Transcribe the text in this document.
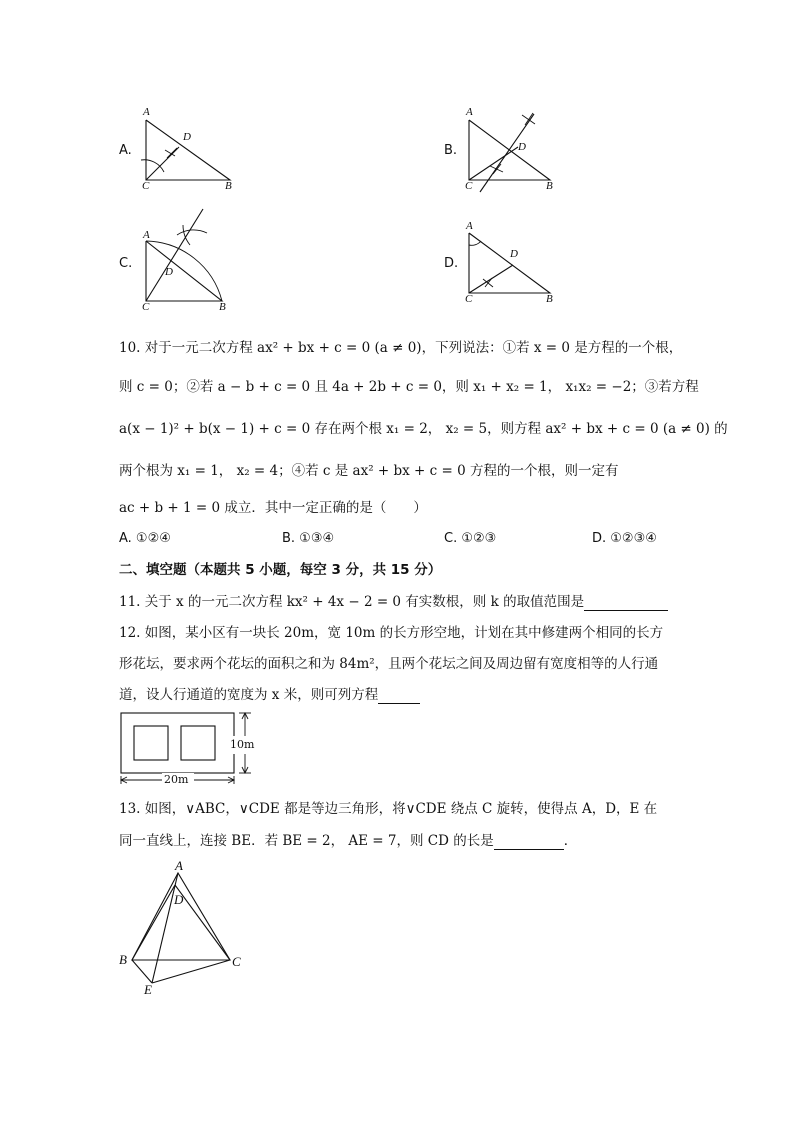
A.
A
D
C	B
B.
A
D
C	B
C.
A
D
C	B
D.
A
D
C	B
10. 对于一元二次方程 ax² + bx + c = 0 (a ≠ 0)，下列说法：①若 x = 0 是方程的一个根，
则 c = 0；②若 a − b + c = 0 且 4a + 2b + c = 0，则 x₁ + x₂ = 1， x₁x₂ = −2；③若方程
a(x − 1)² + b(x − 1) + c = 0 存在两个根 x₁ = 2， x₂ = 5，则方程 ax² + bx + c = 0 (a ≠ 0) 的
两个根为 x₁ = 1， x₂ = 4；④若 c 是 ax² + bx + c = 0 方程的一个根，则一定有
ac + b + 1 = 0 成立．其中一定正确的是（　　）
A. ①②④	B. ①③④	C. ①②③	D. ①②③④
二、填空题（本题共 5 小题，每空 3 分，共 15 分）
11. 关于 x 的一元二次方程 kx² + 4x − 2 = 0 有实数根，则 k 的取值范围是
12. 如图，某小区有一块长 20m，宽 10m 的长方形空地，计划在其中修建两个相同的长方
形花坛，要求两个花坛的面积之和为 84m²，且两个花坛之间及周边留有宽度相等的人行通
道，设人行通道的宽度为 x 米，则可列方程
10m
20m
13. 如图，∨ABC，∨CDE 都是等边三角形，将∨CDE 绕点 C 旋转，使得点 A，D，E 在
同一直线上，连接 BE．若 BE = 2， AE = 7，则 CD 的长是	．
A
D
B	C
E
